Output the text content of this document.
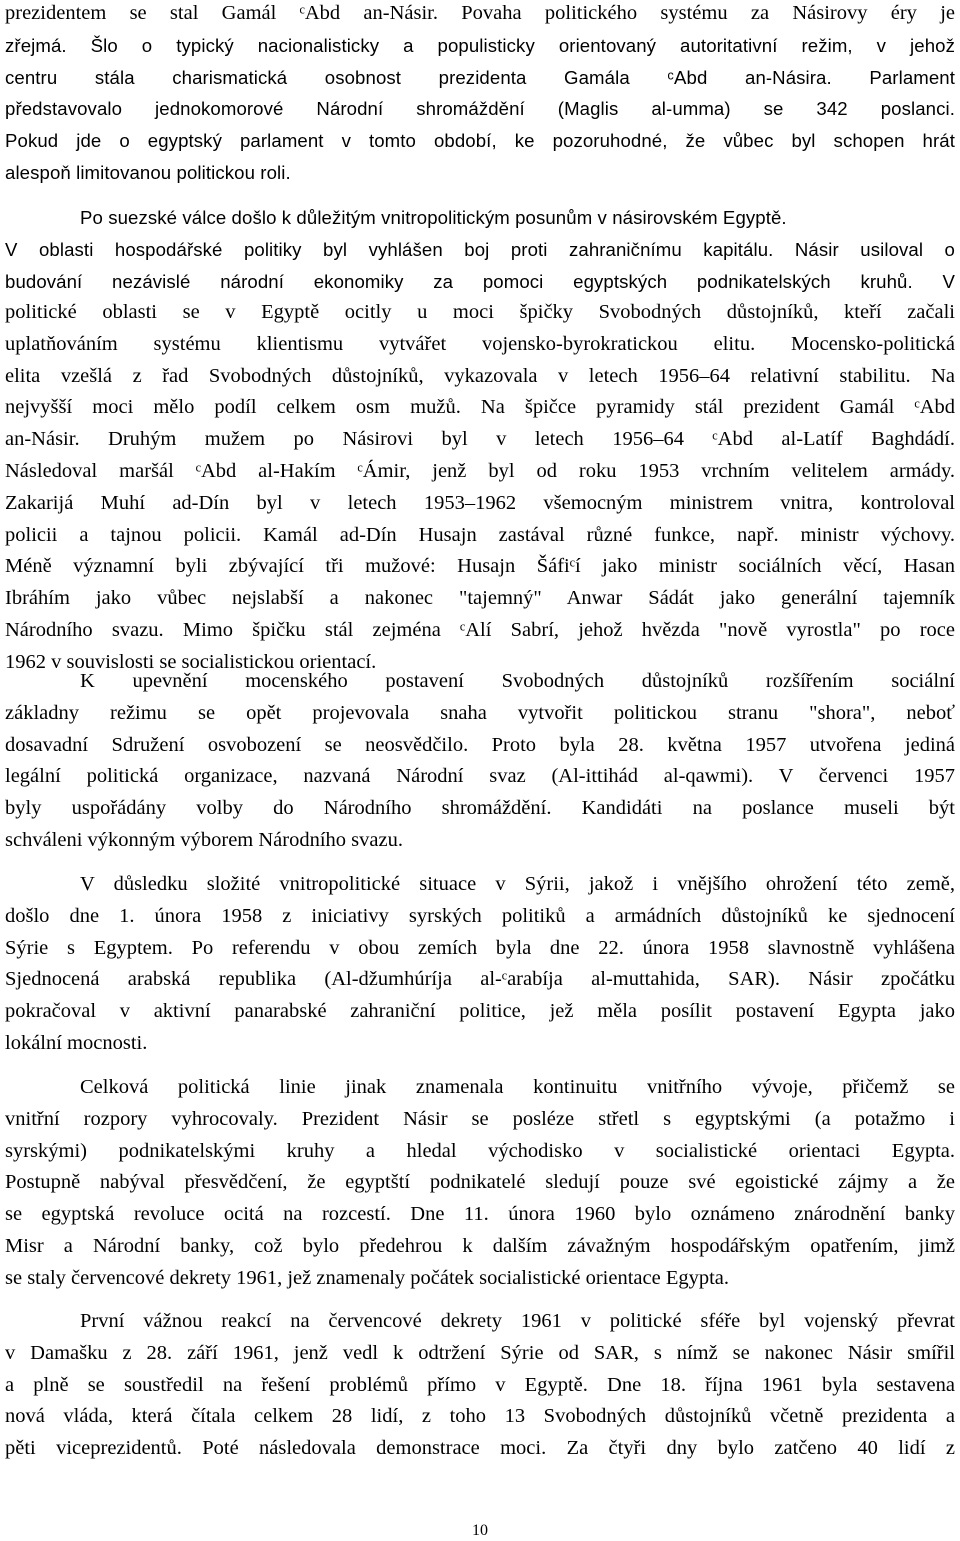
prezidentem se stal Gamál ᶜAbd an-Násir. Povaha politického systému za Násirovy éry je
zřejmá. Šlo o typický nacionalisticky a populisticky orientovaný autoritativní režim, v jehož
centru stála charismatická osobnost prezidenta Gamála ᶜAbd an-Násira. Parlament
představovalo jednokomorové Národní shromáždění (Maglis al-umma) se 342 poslanci.
Pokud jde o egyptský parlament v tomto období, ke pozoruhodné, že vůbec byl schopen hrát
alespoň limitovanou politickou roli.
Po suezské válce došlo k důležitým vnitropolitickým posunům v násirovském Egyptě.
V oblasti hospodářské politiky byl vyhlášen boj proti zahraničnímu kapitálu. Násir usiloval o
budování nezávislé národní ekonomiky za pomoci egyptských podnikatelských kruhů. V
politické oblasti se v Egyptě ocitly u moci špičky Svobodných důstojníků, kteří začali
uplatňováním systému klientismu vytvářet vojensko-byrokratickou elitu. Mocensko-politická
elita vzešlá z řad Svobodných důstojníků, vykazovala v letech 1956–64 relativní stabilitu. Na
nejvyšší moci mělo podíl celkem osm mužů. Na špičce pyramidy stál prezident Gamál ᶜAbd
an-Násir. Druhým mužem po Násirovi byl v letech 1956–64 ᶜAbd al-Latíf Baghdádí.
Následoval maršál ᶜAbd al-Hakím ᶜÁmir, jenž byl od roku 1953 vrchním velitelem armády.
Zakarijá Muhí ad-Dín byl v letech 1953–1962 všemocným ministrem vnitra, kontroloval
policii a tajnou policii. Kamál ad-Dín Husajn zastával různé funkce, např. ministr výchovy.
Méně významní byli zbývající tři mužové: Husajn Šáfiᶜí jako ministr sociálních věcí, Hasan
Ibráhím jako vůbec nejslabší a nakonec "tajemný" Anwar Sádát jako generální tajemník
Národního svazu. Mimo špičku stál zejména ᶜAlí Sabrí, jehož hvězda "nově vyrostla" po roce
1962 v souvislosti se socialistickou orientací.
K upevnění mocenského postavení Svobodných důstojníků rozšířením sociální
základny režimu se opět projevovala snaha vytvořit politickou stranu "shora", neboť
dosavadní Sdružení osvobození se neosvědčilo. Proto byla 28. května 1957 utvořena jediná
legální politická organizace, nazvaná Národní svaz (Al-ittihád al-qawmi). V červenci 1957
byly uspořádány volby do Národního shromáždění. Kandidáti na poslance museli být
schváleni výkonným výborem Národního svazu.
V důsledku složité vnitropolitické situace v Sýrii, jakož i vnějšího ohrožení této země,
došlo dne 1. února 1958 z iniciativy syrských politiků a armádních důstojníků ke sjednocení
Sýrie s Egyptem. Po referendu v obou zemích byla dne 22. února 1958 slavnostně vyhlášena
Sjednocená arabská republika (Al-džumhúríja al-ᶜarabíja al-muttahida, SAR). Násir zpočátku
pokračoval v aktivní panarabské zahraniční politice, jež měla posílit postavení Egypta jako
lokální mocnosti.
Celková politická linie jinak znamenala kontinuitu vnitřního vývoje, přičemž se
vnitřní rozpory vyhrocovaly. Prezident Násir se posléze střetl s egyptskými (a potažmo i
syrskými) podnikatelskými kruhy a hledal východisko v socialistické orientaci Egypta.
Postupně nabýval přesvědčení, že egyptští podnikatelé sledují pouze své egoistické zájmy a že
se egyptská revoluce ocitá na rozcestí. Dne 11. února 1960 bylo oznámeno znárodnění banky
Misr a Národní banky, což bylo předehrou k dalším závažným hospodářským opatřením, jimž
se staly červencové dekrety 1961, jež znamenaly počátek socialistické orientace Egypta.
První vážnou reakcí na červencové dekrety 1961 v politické sféře byl vojenský převrat
v Damašku z 28. září 1961, jenž vedl k odtržení Sýrie od SAR, s nímž se nakonec Násir smířil
a plně se soustředil na řešení problémů přímo v Egyptě. Dne 18. října 1961 byla sestavena
nová vláda, která čítala celkem 28 lidí, z toho 13 Svobodných důstojníků včetně prezidenta a
pěti viceprezidentů. Poté následovala demonstrace moci. Za čtyři dny bylo zatčeno 40 lidí z
10
